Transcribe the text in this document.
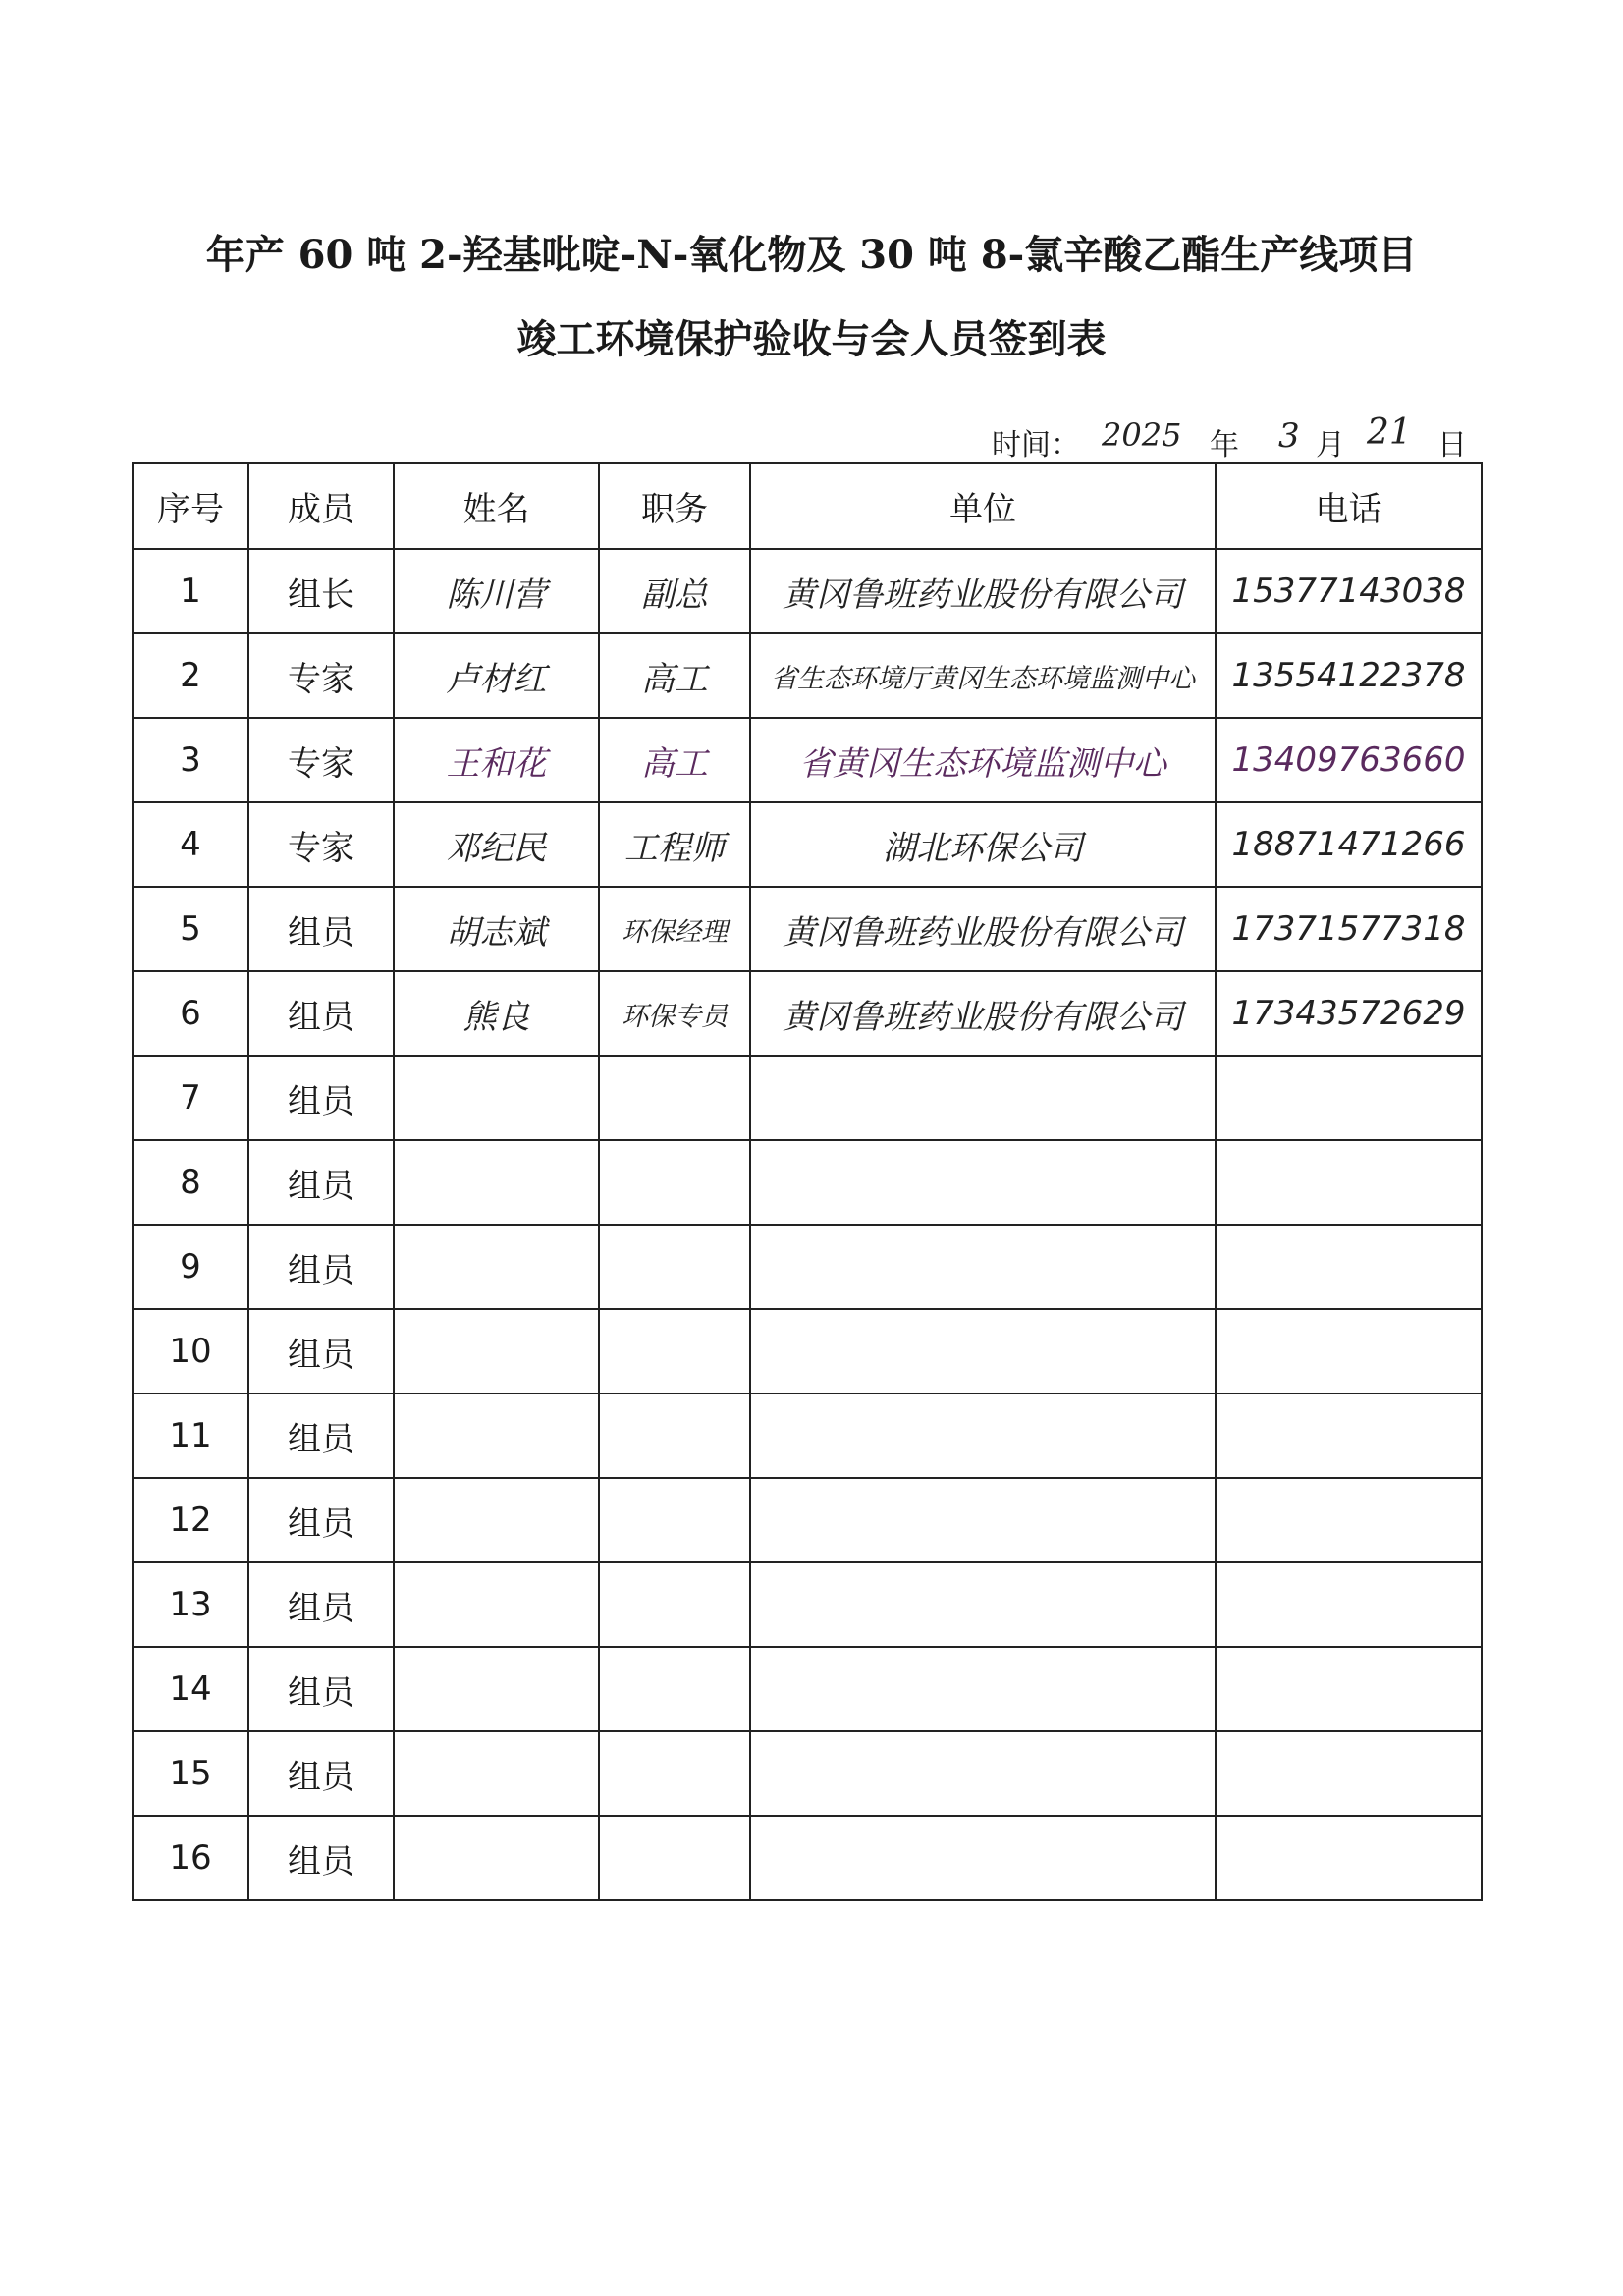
年产 60 吨 2-羟基吡啶-N-氧化物及 30 吨 8-氯辛酸乙酯生产线项目
竣工环境保护验收与会人员签到表
时间： 2025 年 3 月 21 日
序号	成员	姓名	职务	单位	电话
1	组长	陈川营	副总	黄冈鲁班药业股份有限公司	15377143038
2	专家	卢材红	高工	省生态环境厅黄冈生态环境监测中心	13554122378
3	专家	王和花	高工	省黄冈生态环境监测中心	13409763660
4	专家	邓纪民	工程师	湖北环保公司	18871471266
5	组员	胡志斌	环保经理	黄冈鲁班药业股份有限公司	17371577318
6	组员	熊良	环保专员	黄冈鲁班药业股份有限公司	17343572629
7	组员				
8	组员				
9	组员				
10	组员				
11	组员				
12	组员				
13	组员				
14	组员				
15	组员				
16	组员				
